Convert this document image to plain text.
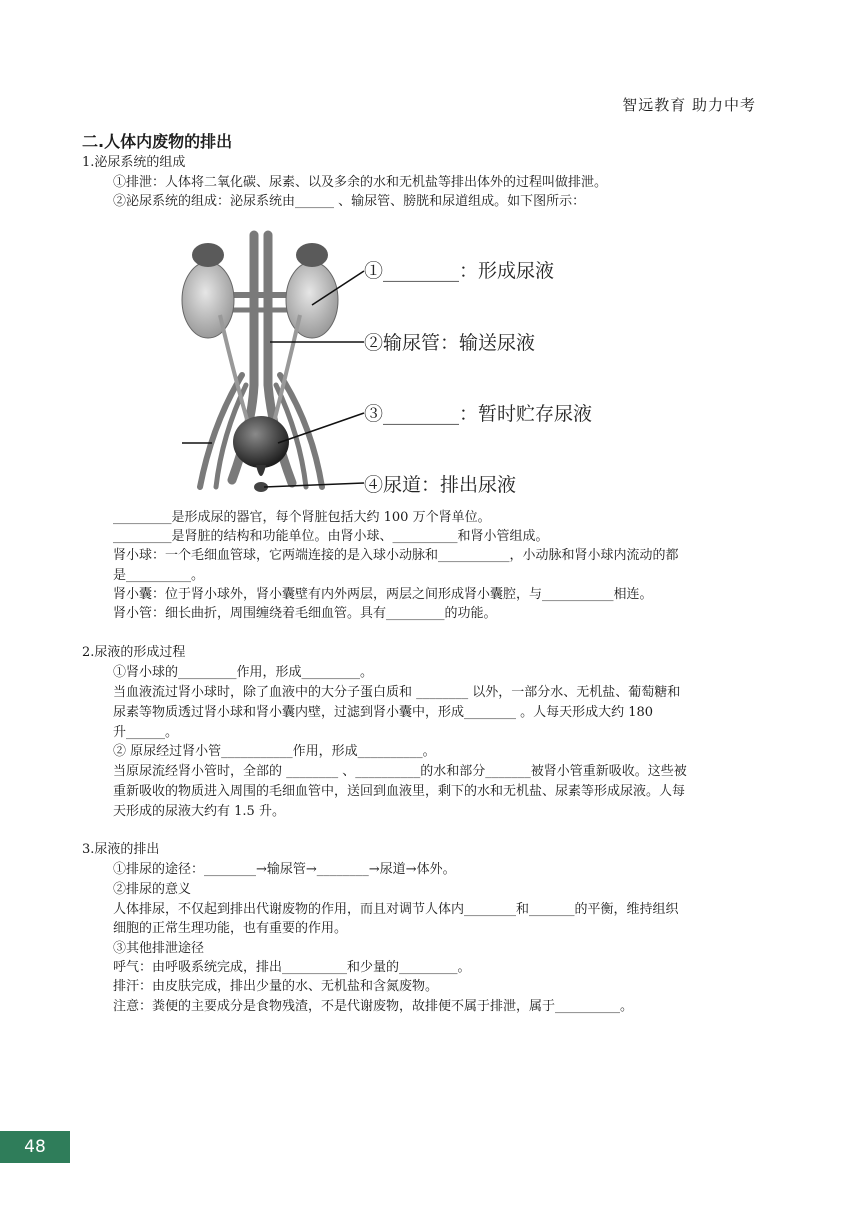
智远教育 助力中考
二.人体内废物的排出
1.泌尿系统的组成
①排泄：人体将二氧化碳、尿素、以及多余的水和无机盐等排出体外的过程叫做排泄。
②泌尿系统的组成：泌尿系统由______ 、输尿管、膀胱和尿道组成。如下图所示：
①________：形成尿液
②输尿管：输送尿液
③________：暂时贮存尿液
④尿道：排出尿液
_________是形成尿的器官，每个肾脏包括大约 100 万个肾单位。
_________是肾脏的结构和功能单位。由肾小球、__________和肾小管组成。
肾小球：一个毛细血管球，它两端连接的是入球小动脉和___________，小动脉和肾小球内流动的都
是__________。
肾小囊：位于肾小球外，肾小囊壁有内外两层，两层之间形成肾小囊腔，与___________相连。
肾小管：细长曲折，周围缠绕着毛细血管。具有_________的功能。
2.尿液的形成过程
①肾小球的_________作用，形成_________。
当血液流过肾小球时，除了血液中的大分子蛋白质和 ________ 以外，一部分水、无机盐、葡萄糖和
尿素等物质透过肾小球和肾小囊内壁，过滤到肾小囊中，形成________ 。人每天形成大约 180
升______。
② 原尿经过肾小管___________作用，形成__________。
当原尿流经肾小管时，全部的 ________ 、__________的水和部分_______被肾小管重新吸收。这些被
重新吸收的物质进入周围的毛细血管中，送回到血液里，剩下的水和无机盐、尿素等形成尿液。人每
天形成的尿液大约有 1.5 升。
3.尿液的排出
①排尿的途径：________→输尿管→________→尿道→体外。
②排尿的意义
人体排尿，不仅起到排出代谢废物的作用，而且对调节人体内________和_______的平衡，维持组织
细胞的正常生理功能，也有重要的作用。
③其他排泄途径
呼气：由呼吸系统完成，排出__________和少量的_________。
排汗：由皮肤完成，排出少量的水、无机盐和含氮废物。
注意：粪便的主要成分是食物残渣，不是代谢废物，故排便不属于排泄，属于__________。
48
